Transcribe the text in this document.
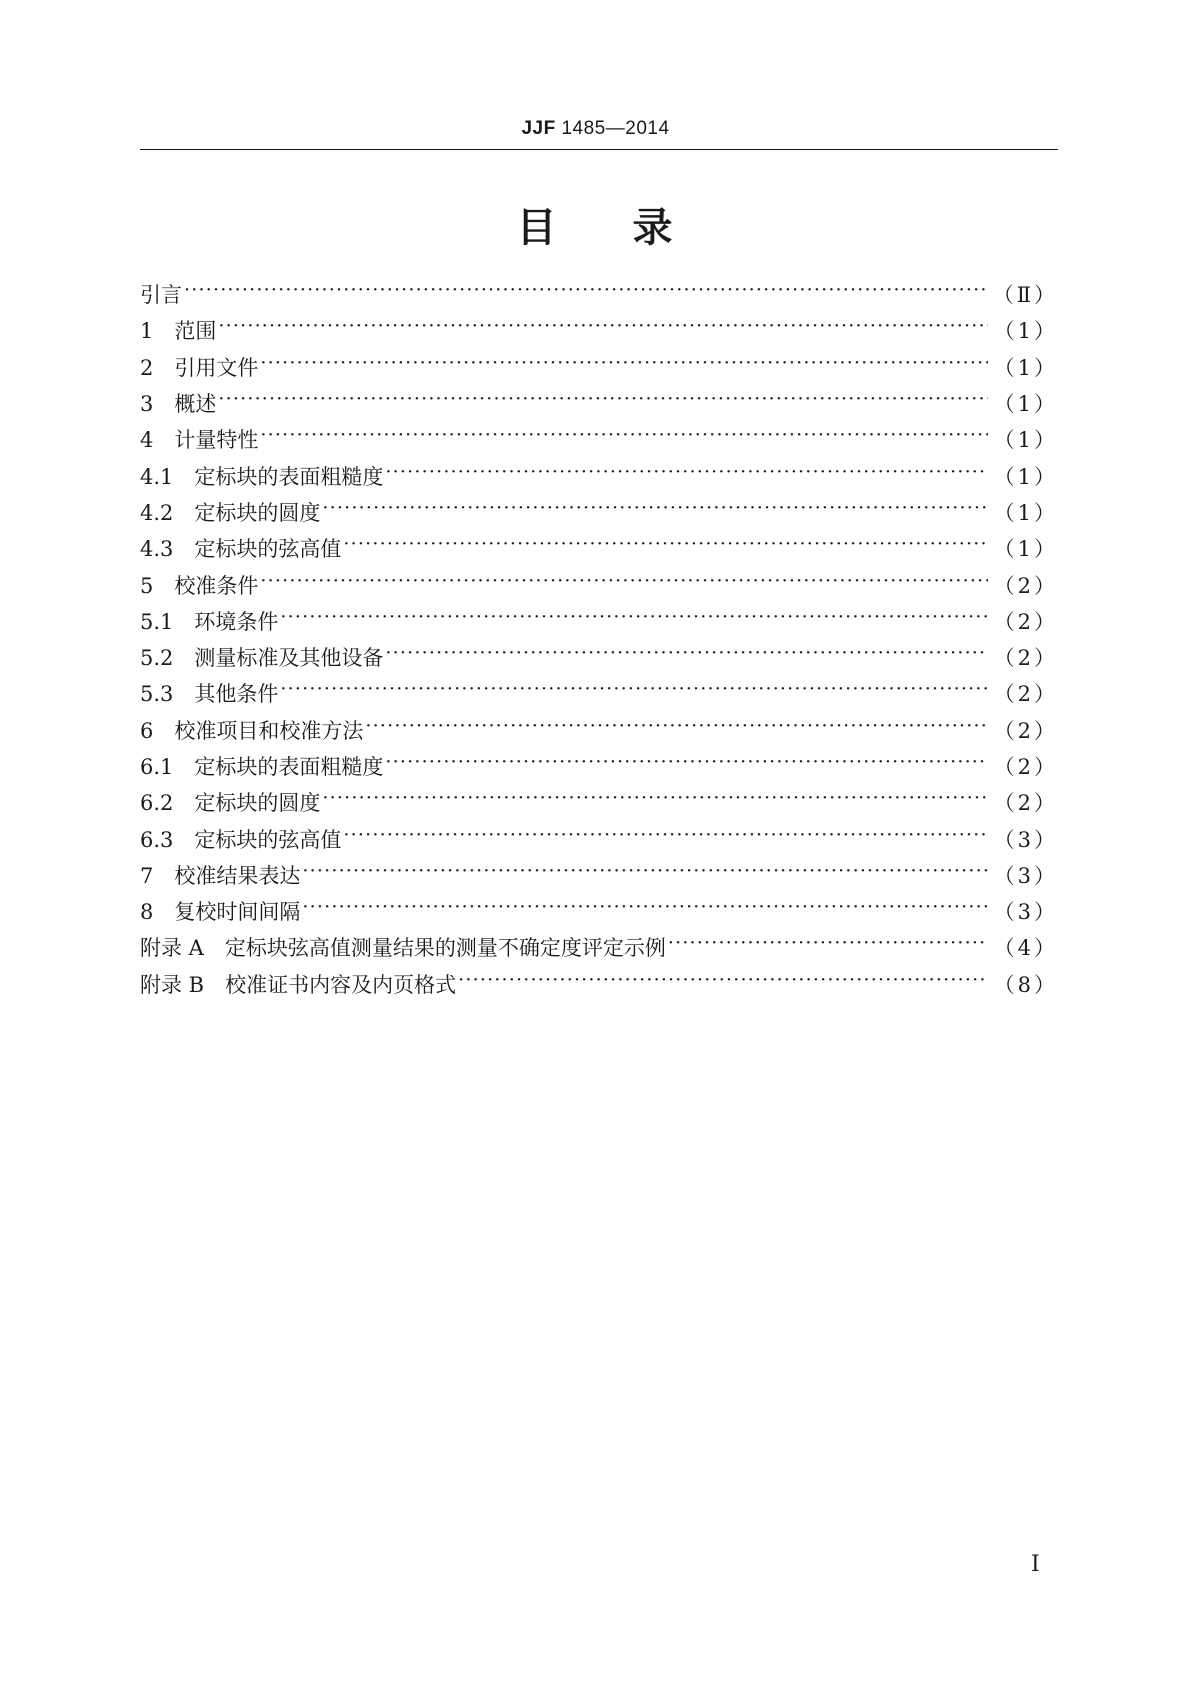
JJF 1485—2014
目 录
引言 ·····	（Ⅱ）
1  范围 ·····	（1）
2  引用文件 ·····	（1）
3  概述 ·····	（1）
4  计量特性 ·····	（1）
4.1  定标块的表面粗糙度 ·····	（1）
4.2  定标块的圆度 ·····	（1）
4.3  定标块的弦高值 ·····	（1）
5  校准条件 ·····	（2）
5.1  环境条件 ·····	（2）
5.2  测量标准及其他设备 ·····	（2）
5.3  其他条件 ·····	（2）
6  校准项目和校准方法 ·····	（2）
6.1  定标块的表面粗糙度 ·····	（2）
6.2  定标块的圆度 ·····	（2）
6.3  定标块的弦高值 ·····	（3）
7  校准结果表达 ·····	（3）
8  复校时间间隔 ·····	（3）
附录 A  定标块弦高值测量结果的测量不确定度评定示例 ·····	（4）
附录 B  校准证书内容及内页格式 ·····	（8）
Ⅰ
